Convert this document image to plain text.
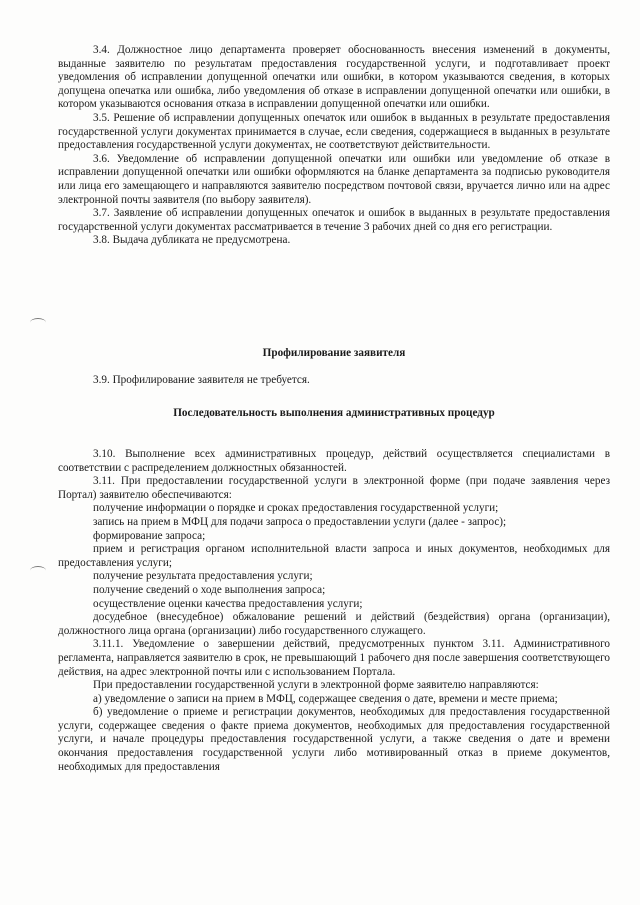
3.4. Должностное лицо департамента проверяет обоснованность внесения изменений в документы, выданные заявителю по результатам предоставления государственной услуги, и подготавливает проект уведомления об исправлении допущенной опечатки или ошибки, в котором указываются сведения, в которых допущена опечатка или ошибка, либо уведомления об отказе в исправлении допущенной опечатки или ошибки, в котором указываются основания отказа в исправлении допущенной опечатки или ошибки.

3.5. Решение об исправлении допущенных опечаток или ошибок в выданных в результате предоставления государственной услуги документах принимается в случае, если сведения, содержащиеся в выданных в результате предоставления государственной услуги документах, не соответствуют действительности.

3.6. Уведомление об исправлении допущенной опечатки или ошибки или уведомление об отказе в исправлении допущенной опечатки или ошибки оформляются на бланке департамента за подписью руководителя или лица его замещающего и направляются заявителю посредством почтовой связи, вручается лично или на адрес электронной почты заявителя (по выбору заявителя).

3.7. Заявление об исправлении допущенных опечаток и ошибок в выданных в результате предоставления государственной услуги документах рассматривается в течение 3 рабочих дней со дня его регистрации.

3.8. Выдача дубликата не предусмотрена.

Профилирование заявителя

3.9. Профилирование заявителя не требуется.

Последовательность выполнения административных процедур

3.10. Выполнение всех административных процедур, действий осуществляется специалистами в соответствии с распределением должностных обязанностей.

3.11. При предоставлении государственной услуги в электронной форме (при подаче заявления через Портал) заявителю обеспечиваются:

получение информации о порядке и сроках предоставления государственной услуги;

запись на прием в МФЦ для подачи запроса о предоставлении услуги (далее - запрос);

формирование запроса;

прием и регистрация органом исполнительной власти запроса и иных документов, необходимых для предоставления услуги;

получение результата предоставления услуги;

получение сведений о ходе выполнения запроса;

осуществление оценки качества предоставления услуги;

досудебное (внесудебное) обжалование решений и действий (бездействия) органа (организации), должностного лица органа (организации) либо государственного служащего.

3.11.1. Уведомление о завершении действий, предусмотренных пунктом 3.11. Административного регламента, направляется заявителю в срок, не превышающий 1 рабочего дня после завершения соответствующего действия, на адрес электронной почты или с использованием Портала.

При предоставлении государственной услуги в электронной форме заявителю направляются:

а) уведомление о записи на прием в МФЦ, содержащее сведения о дате, времени и месте приема;

б) уведомление о приеме и регистрации документов, необходимых для предоставления государственной услуги, содержащее сведения о факте приема документов, необходимых для предоставления государственной услуги, и начале процедуры предоставления государственной услуги, а также сведения о дате и времени окончания предоставления государственной услуги либо мотивированный отказ в приеме документов, необходимых для предоставления
